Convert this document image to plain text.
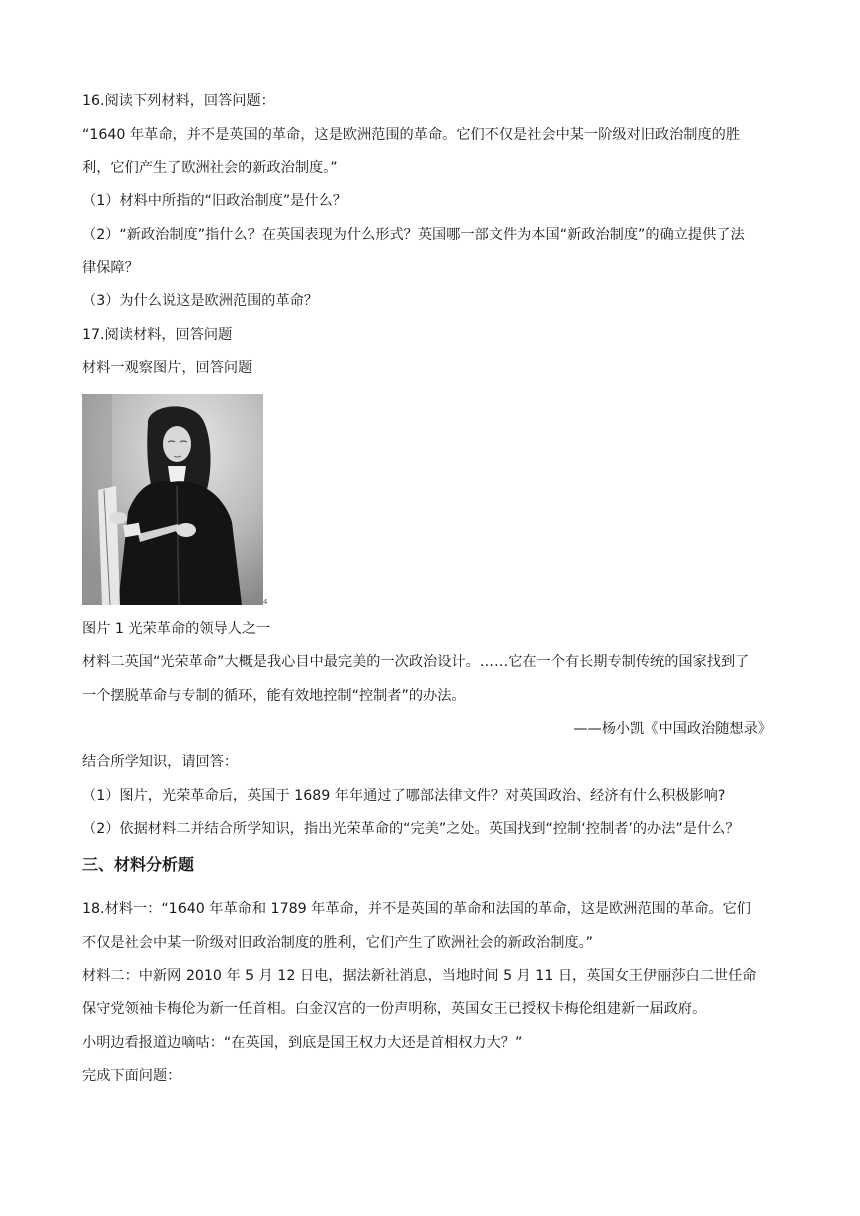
16.阅读下列材料，回答问题：
“1640 年革命，并不是英国的革命，这是欧洲范围的革命。它们不仅是社会中某一阶级对旧政治制度的胜
利，它们产生了欧洲社会的新政治制度。”
（1）材料中所指的“旧政治制度”是什么？
（2）“新政治制度”指什么？在英国表现为什么形式？英国哪一部文件为本国“新政治制度”的确立提供了法
律保障？
（3）为什么说这是欧洲范围的革命？
17.阅读材料，回答问题
材料一观察图片，回答问题
4
图片 1 光荣革命的领导人之一
材料二英国“光荣革命”大概是我心目中最完美的一次政治设计。……它在一个有长期专制传统的国家找到了
一个摆脱革命与专制的循环，能有效地控制“控制者”的办法。
——杨小凯《中国政治随想录》
结合所学知识，请回答：
（1）图片，光荣革命后，英国于 1689 年年通过了哪部法律文件？对英国政治、经济有什么积极影响?
（2）依据材料二并结合所学知识，指出光荣革命的“完美”之处。英国找到“控制‘控制者’的办法”是什么？
三、材料分析题
18.材料一：“1640 年革命和 1789 年革命，并不是英国的革命和法国的革命，这是欧洲范围的革命。它们
不仅是社会中某一阶级对旧政治制度的胜利，它们产生了欧洲社会的新政治制度。”
材料二：中新网 2010 年 5 月 12 日电，据法新社消息，当地时间 5 月 11 日，英国女王伊丽莎白二世任命
保守党领袖卡梅伦为新一任首相。白金汉宫的一份声明称，英国女王已授权卡梅伦组建新一届政府。
小明边看报道边嘀咕：“在英国，到底是国王权力大还是首相权力大？”
完成下面问题：
